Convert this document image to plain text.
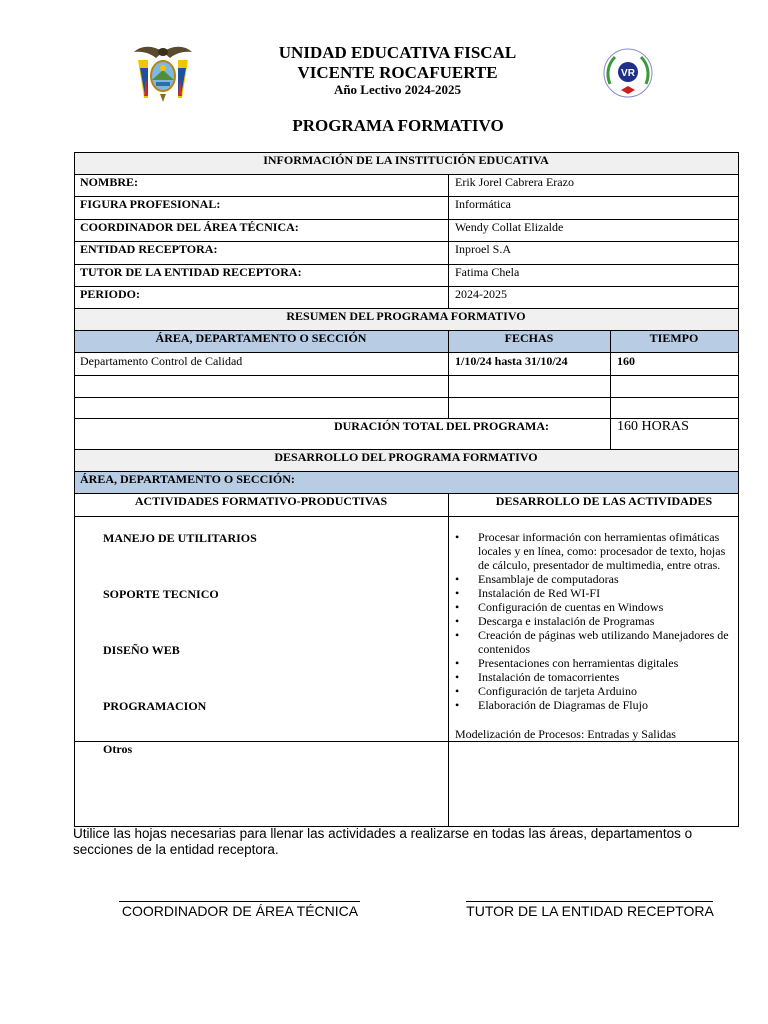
UNIDAD EDUCATIVA FISCAL
VICENTE ROCAFUERTE
Año Lectivo 2024-2025
VR
PROGRAMA FORMATIVO
INFORMACIÓN DE LA INSTITUCIÓN EDUCATIVA
NOMBRE:	Erik Jorel Cabrera Erazo
FIGURA PROFESIONAL:	Informática
COORDINADOR DEL ÁREA TÉCNICA:	Wendy Collat Elizalde
ENTIDAD RECEPTORA:	Inproel S.A
TUTOR DE LA ENTIDAD RECEPTORA:	Fatima Chela
PERIODO:	2024-2025
RESUMEN DEL PROGRAMA FORMATIVO
ÁREA, DEPARTAMENTO O SECCIÓN	FECHAS	TIEMPO
Departamento Control de Calidad	1/10/24 hasta 31/10/24	160
DURACIÓN TOTAL DEL PROGRAMA:	160 HORAS
DESARROLLO DEL PROGRAMA FORMATIVO
ÁREA, DEPARTAMENTO O SECCIÓN:
ACTIVIDADES FORMATIVO-PRODUCTIVAS	DESARROLLO DE LAS ACTIVIDADES
MANEJO DE UTILITARIOS
SOPORTE TECNICO
DISEÑO WEB
PROGRAMACION
• Procesar información con herramientas ofimáticas locales y en línea, como: procesador de texto, hojas de cálculo, presentador de multimedia, entre otras.
• Ensamblaje de computadoras
• Instalación de Red WI-FI
• Configuración de cuentas en Windows
• Descarga e instalación de Programas
• Creación de páginas web utilizando Manejadores de contenidos
• Presentaciones con herramientas digitales
• Instalación de tomacorrientes
• Configuración de tarjeta Arduino
• Elaboración de Diagramas de Flujo
Modelización de Procesos: Entradas y Salidas
Otros
Utilice las hojas necesarias para llenar las actividades a realizarse en todas las áreas, departamentos o secciones de la entidad receptora.
COORDINADOR DE ÁREA TÉCNICA	TUTOR DE LA ENTIDAD RECEPTORA
